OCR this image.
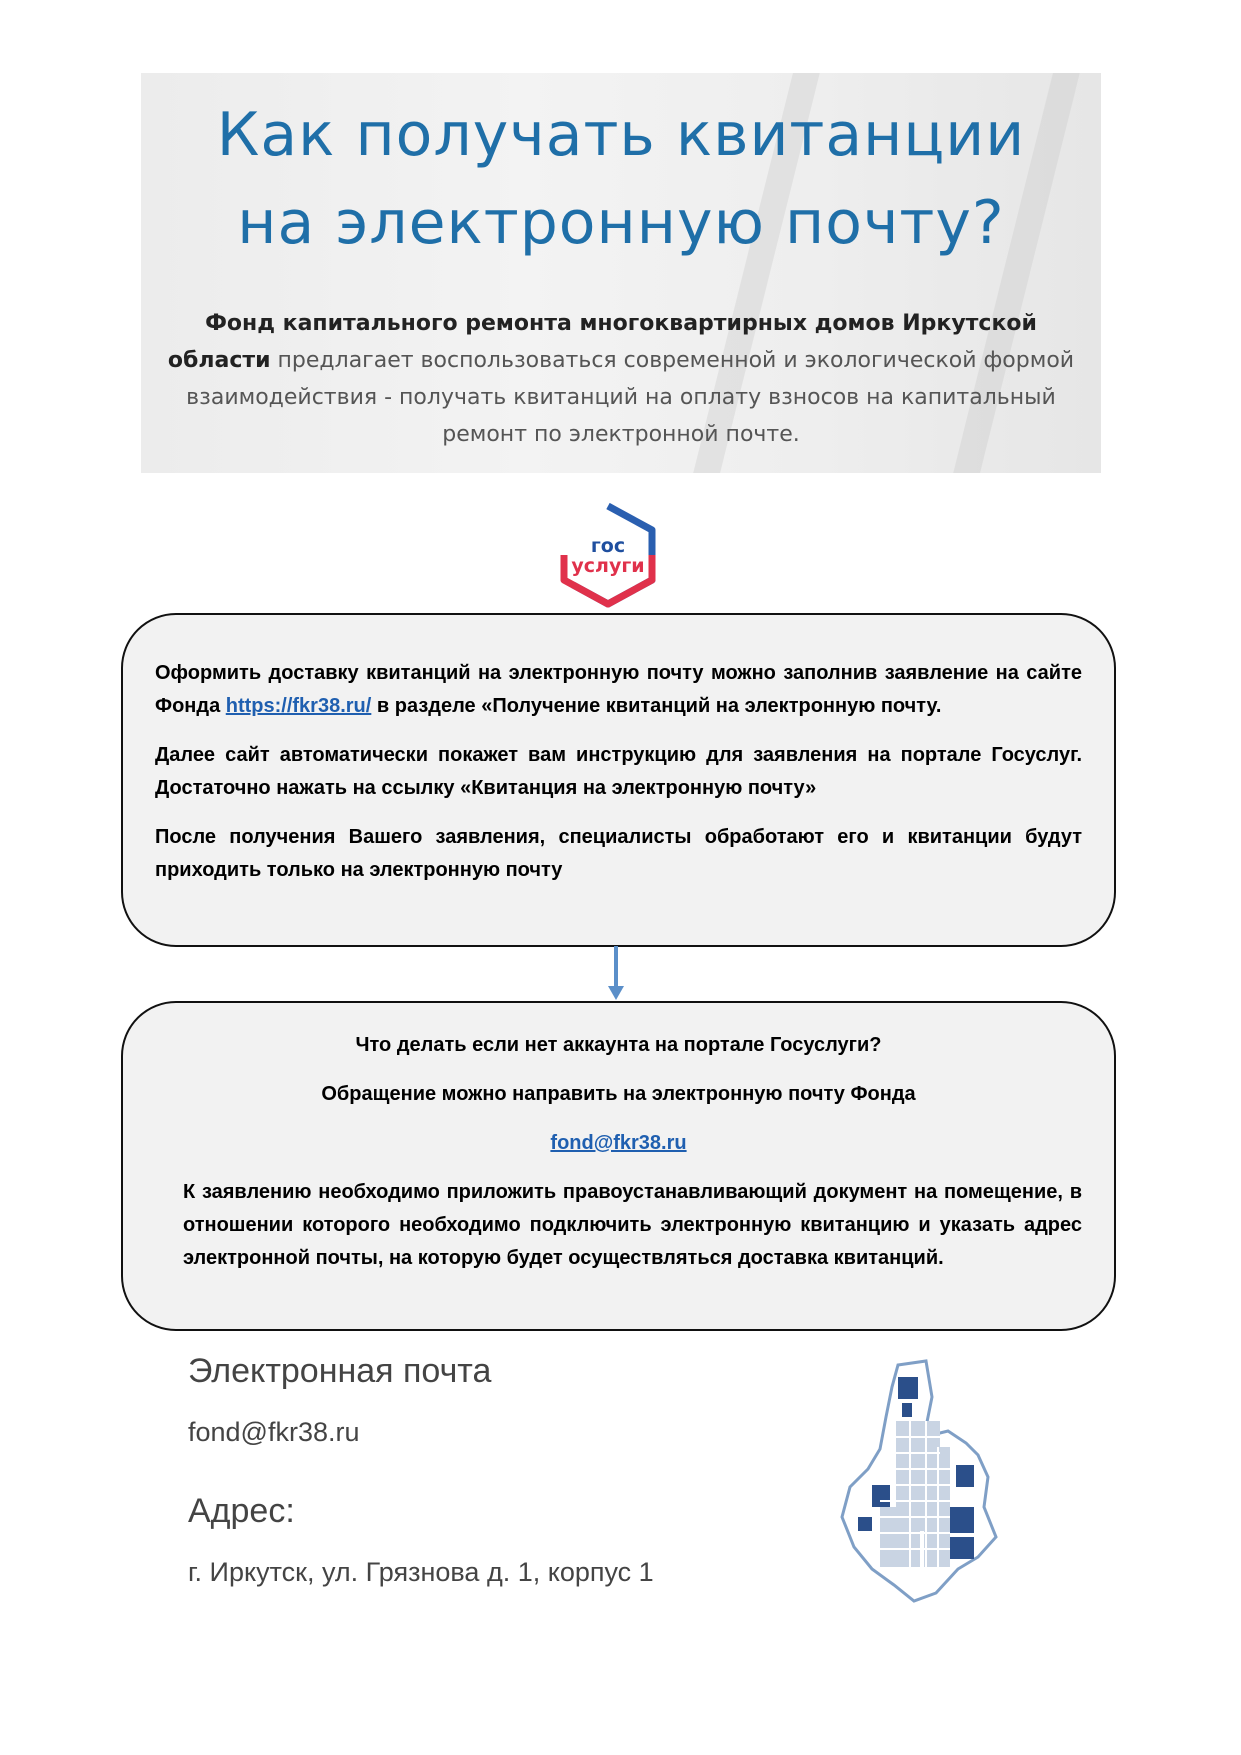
Как получать квитанции
на электронную почту?
Фонд капитального ремонта многоквартирных домов Иркутской области предлагает воспользоваться современной и экологической формой взаимодействия - получать квитанций на оплату взносов на капитальный ремонт по электронной почте.
гос
услуги

Оформить доставку квитанций на электронную почту можно заполнив заявление на сайте Фонда https://fkr38.ru/ в разделе «Получение квитанций на электронную почту.

Далее сайт автоматически покажет вам инструкцию для заявления на портале Госуслуг. Достаточно нажать на ссылку «Квитанция на электронную почту»

После получения Вашего заявления, специалисты обработают его и квитанции будут приходить только на электронную почту

Что делать если нет аккаунта на портале Госуслуги?

Обращение можно направить на электронную почту Фонда

fond@fkr38.ru

К заявлению необходимо приложить правоустанавливающий документ на помещение, в отношении которого необходимо подключить электронную квитанцию и указать адрес электронной почты, на которую будет осуществляться доставка квитанций.

Электронная почта

fond@fkr38.ru

Адрес:

г. Иркутск, ул. Грязнова д. 1, корпус 1
